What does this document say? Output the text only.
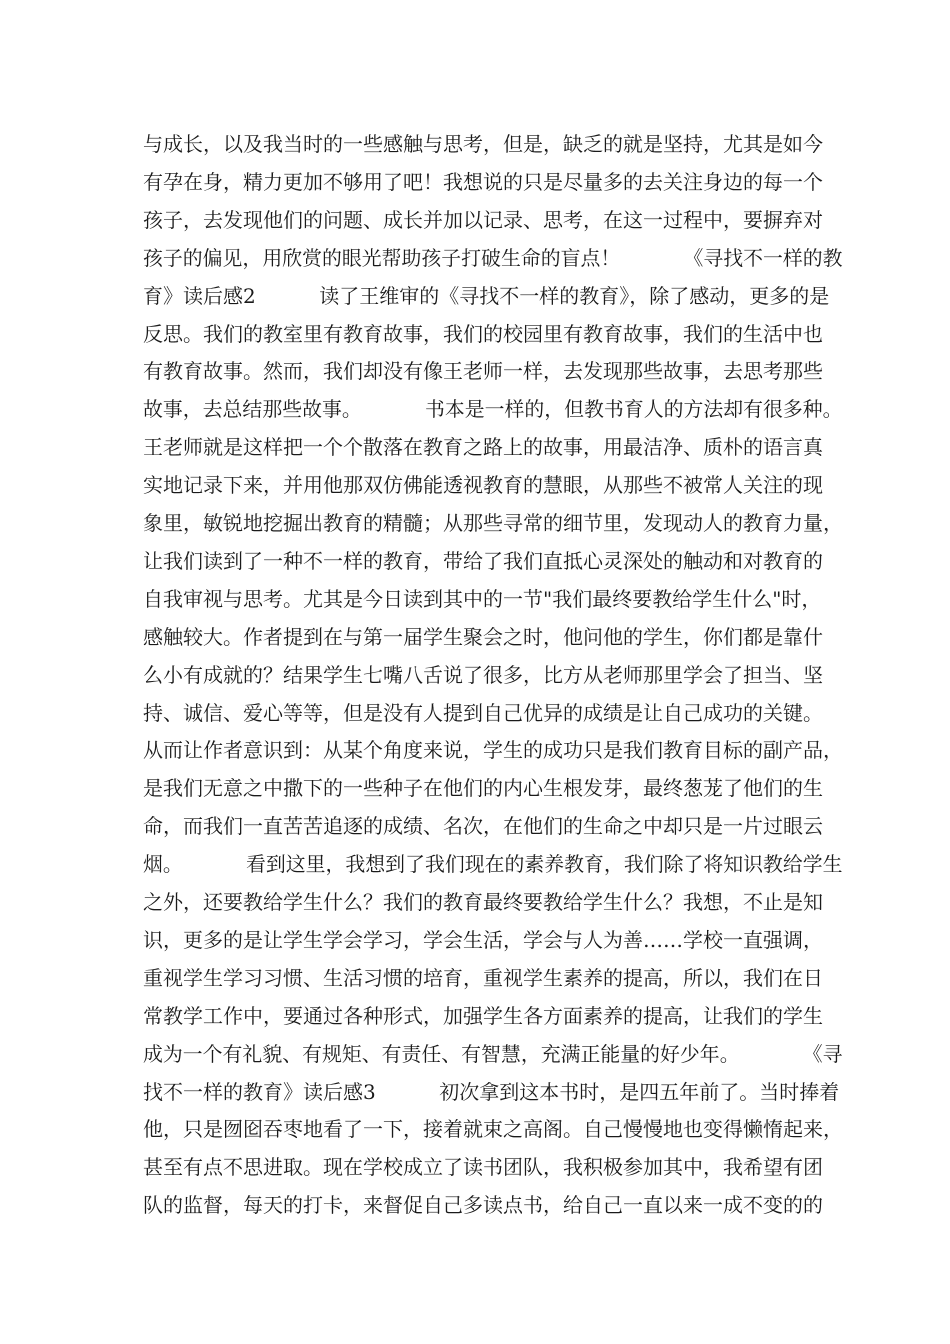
与成长，以及我当时的一些感触与思考，但是，缺乏的就是坚持，尤其是如今
有孕在身，精力更加不够用了吧！我想说的只是尽量多的去关注身边的每一个
孩子，去发现他们的问题、成长并加以记录、思考，在这一过程中，要摒弃对
孩子的偏见，用欣赏的眼光帮助孩子打破生命的盲点！          《寻找不一样的教
育》读后感2          读了王维审的《寻找不一样的教育》，除了感动，更多的是
反思。我们的教室里有教育故事，我们的校园里有教育故事，我们的生活中也
有教育故事。然而，我们却没有像王老师一样，去发现那些故事，去思考那些
故事，去总结那些故事。          书本是一样的，但教书育人的方法却有很多种。
王老师就是这样把一个个散落在教育之路上的故事，用最洁净、质朴的语言真
实地记录下来，并用他那双仿佛能透视教育的慧眼，从那些不被常人关注的现
象里，敏锐地挖掘出教育的精髓；从那些寻常的细节里，发现动人的教育力量，
让我们读到了一种不一样的教育，带给了我们直抵心灵深处的触动和对教育的
自我审视与思考。尤其是今日读到其中的一节"我们最终要教给学生什么"时，
感触较大。作者提到在与第一届学生聚会之时，他问他的学生，你们都是靠什
么小有成就的？结果学生七嘴八舌说了很多，比方从老师那里学会了担当、坚
持、诚信、爱心等等，但是没有人提到自己优异的成绩是让自己成功的关键。
从而让作者意识到：从某个角度来说，学生的成功只是我们教育目标的副产品，
是我们无意之中撒下的一些种子在他们的内心生根发芽，最终葱茏了他们的生
命，而我们一直苦苦追逐的成绩、名次，在他们的生命之中却只是一片过眼云
烟。          看到这里，我想到了我们现在的素养教育，我们除了将知识教给学生
之外，还要教给学生什么？我们的教育最终要教给学生什么？我想，不止是知
识，更多的是让学生学会学习，学会生活，学会与人为善……学校一直强调，
重视学生学习习惯、生活习惯的培育，重视学生素养的提高，所以，我们在日
常教学工作中，要通过各种形式，加强学生各方面素养的提高，让我们的学生
成为一个有礼貌、有规矩、有责任、有智慧，充满正能量的好少年。          《寻
找不一样的教育》读后感3          初次拿到这本书时，是四五年前了。当时捧着
他，只是囫囵吞枣地看了一下，接着就束之高阁。自己慢慢地也变得懒惰起来，
甚至有点不思进取。现在学校成立了读书团队，我积极参加其中，我希望有团
队的监督，每天的打卡，来督促自己多读点书，给自己一直以来一成不变的的
